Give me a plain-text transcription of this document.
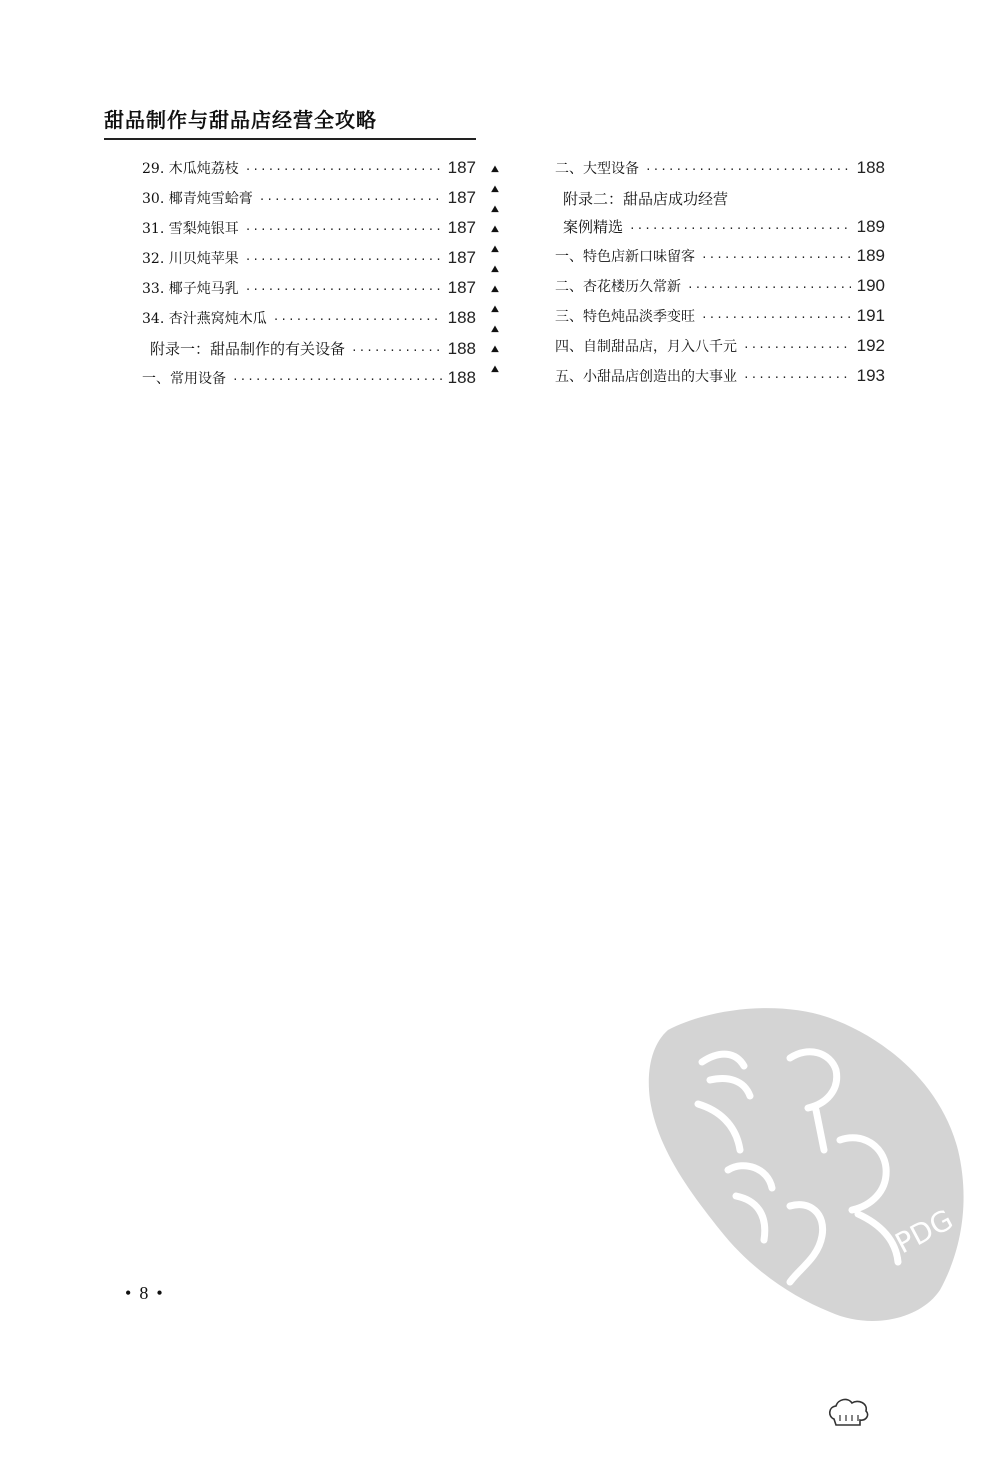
甜品制作与甜品店经营全攻略
29. 木瓜炖荔枝 ·····	187
30. 椰青炖雪蛤膏 ·····	187
31. 雪梨炖银耳 ·····	187
32. 川贝炖苹果 ·····	187
33. 椰子炖马乳 ·····	187
34. 杏汁燕窝炖木瓜 ·····	188
附录一：甜品制作的有关设备 ·····	188
一、常用设备 ·····	188
⯅
⯅
⯅
⯅
⯅
⯅
⯅
⯅
⯅
⯅
⯅
二、大型设备 ·····	188
附录二：甜品店成功经营
案例精选 ·····	189
一、特色店新口味留客 ·····	189
二、杏花楼历久常新 ·····	190
三、特色炖品淡季变旺 ·····	191
四、自制甜品店，月入八千元 ·····	192
五、小甜品店创造出的大事业 ·····	193
• 8 •
PDG
